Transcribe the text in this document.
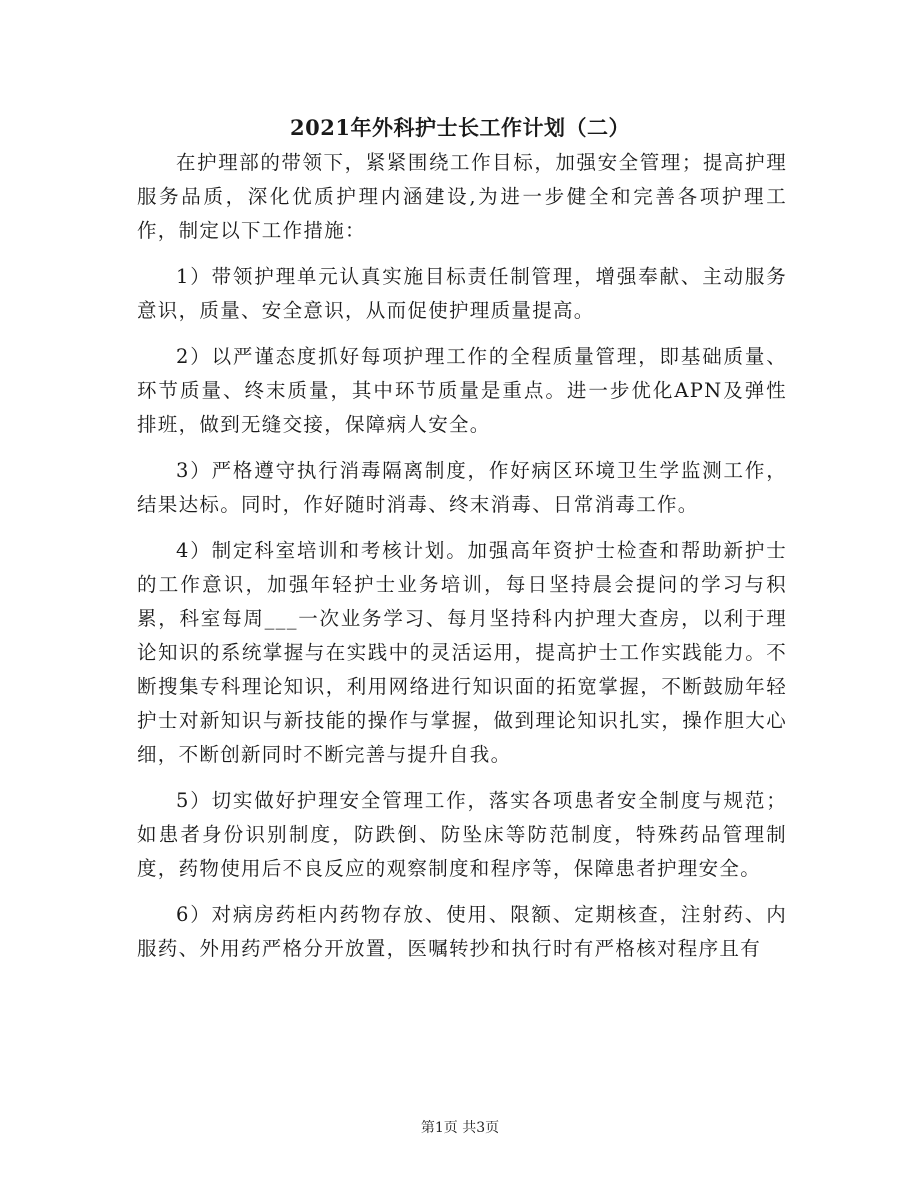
2021年外科护士长工作计划（二）

在护理部的带领下，紧紧围绕工作目标，加强安全管理；提高护理服务品质，深化优质护理内涵建设,为进一步健全和完善各项护理工作，制定以下工作措施：

1）带领护理单元认真实施目标责任制管理，增强奉献、主动服务意识，质量、安全意识，从而促使护理质量提高。

2）以严谨态度抓好每项护理工作的全程质量管理，即基础质量、环节质量、终末质量，其中环节质量是重点。进一步优化APN及弹性排班，做到无缝交接，保障病人安全。

3）严格遵守执行消毒隔离制度，作好病区环境卫生学监测工作，结果达标。同时，作好随时消毒、终末消毒、日常消毒工作。

4）制定科室培训和考核计划。加强高年资护士检查和帮助新护士的工作意识，加强年轻护士业务培训，每日坚持晨会提问的学习与积累，科室每周___一次业务学习、每月坚持科内护理大查房，以利于理论知识的系统掌握与在实践中的灵活运用，提高护士工作实践能力。不断搜集专科理论知识，利用网络进行知识面的拓宽掌握，不断鼓励年轻护士对新知识与新技能的操作与掌握，做到理论知识扎实，操作胆大心细，不断创新同时不断完善与提升自我。

5）切实做好护理安全管理工作，落实各项患者安全制度与规范；如患者身份识别制度，防跌倒、防坠床等防范制度，特殊药品管理制度，药物使用后不良反应的观察制度和程序等，保障患者护理安全。

6）对病房药柜内药物存放、使用、限额、定期核查，注射药、内服药、外用药严格分开放置，医嘱转抄和执行时有严格核对程序且有

第1页 共3页
